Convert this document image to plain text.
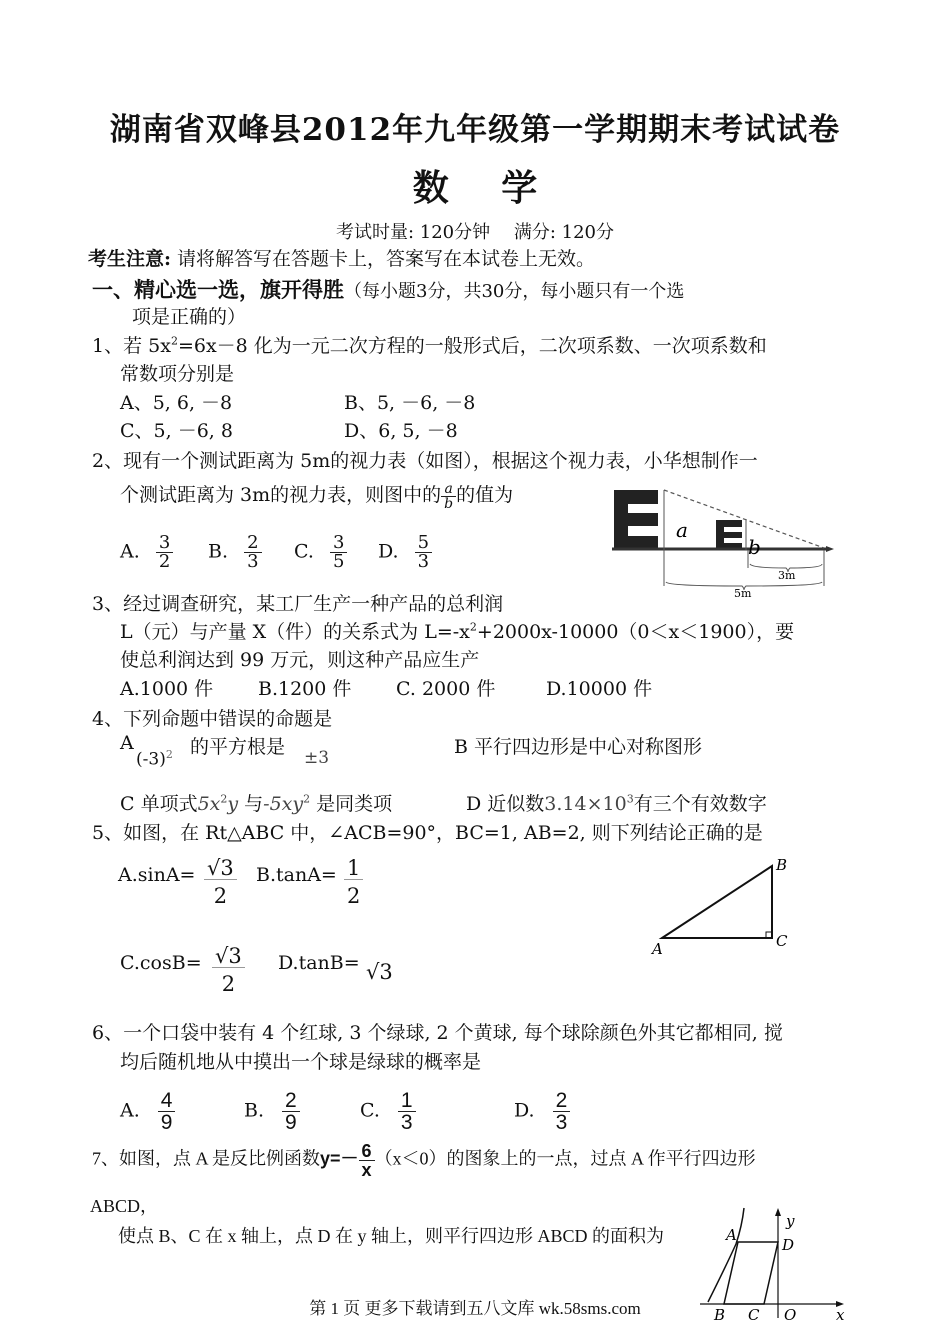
湖南省双峰县2012年九年级第一学期期末考试试卷
数 学
考试时量: 120分钟　 满分: 120分
考生注意: 请将解答写在答题卡上，答案写在本试卷上无效。
一、精心选一选，旗开得胜（每小题3分，共30分，每小题只有一个选
项是正确的）
1、若 $5x^2=6x-8$ 化为一元二次方程的一般形式后，二次项系数、一次项系数和
常数项分别是
A、5, 6, －8	B、5, －6, －8
C、5, －6, 8	D、6, 5, －8
2、现有一个测试距离为 5m的视力表（如图），根据这个视力表，小华想制作一
个测试距离为 3m的视力表，则图中的 $\frac{a}{b}$ 的值为
A. $\frac{3}{2} B$. $\frac{2}{3} C$. $\frac{3}{5} D$. $\frac{5}{3}$
a
b
3m
5m
3、经过调查研究，某工厂生产一种产品的总利润
L（元）与产量 X（件）的关系式为 $L=-x^2+2000x-10000(0<x<1900)$，要
使总利润达到 99 万元，则这种产品应生产
A.1000 件 B.1200 件 C. 2000 件	D.10000 件
4、下列命题中错误的命题是
A
$(-3)^2$ 的平方根是 ±3	B 平行四边形是中心对称图形
C 单项式$5x^2y$ 与$-5xy^2$ 是同类项	D 近似数$3.14\times 10^3$有三个有效数字
5、如图，在 Rt△ABC 中，∠ACB=90°，BC=1, AB=2, 则下列结论正确的是
$A.\sin A= \frac{√3}{2} B.\tan A= \frac{1}{2}$
$C.\cos B= \frac{√3}{2} D.\tan B= √3$
A
B
C
6、一个口袋中装有 4 个红球, 3 个绿球, 2 个黄球, 每个球除颜色外其它都相同, 搅
均后随机地从中摸出一个球是绿球的概率是
A. $\frac{4}{9}$	B. $\frac{2}{9}$	C. $\frac{1}{3}$	D. $\frac{2}{3}$
7、如图，点 A 是反比例函数$y=- \frac{6}{x} (x<0)$的图象上的一点，过点 A 作平行四边形
ABCD，
使点 B、C 在 x 轴上，点 D 在 y 轴上，则平行四边形 ABCD 的面积为
y
x
A
D
B C O
第 1 页 更多下载请到五八文库 wk.58sms.com
